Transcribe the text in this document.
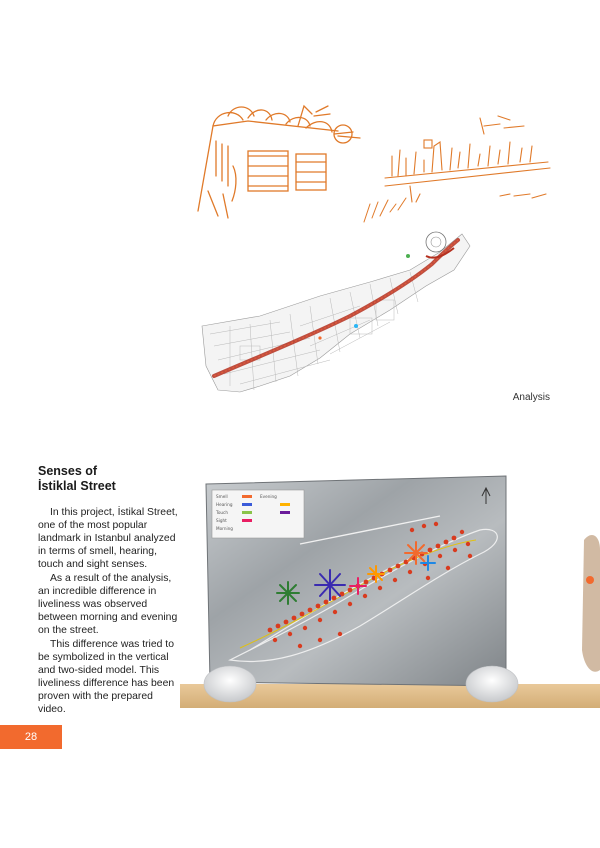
Analysis
Senses of
İstiklal Street

In this project, İstikal Street, one of the most popular landmark in Istanbul analyzed in terms of smell, hearing, touch and sight senses.

As a result of the analysis, an incredible difference in liveliness was observed between morning and evening on the street.

This difference was tried to be symbolized in the vertical and two-sided model. This liveliness difference has been proven with the prepared video.

Smell
Hearing
Touch
Sight
Morning
Evening
28
